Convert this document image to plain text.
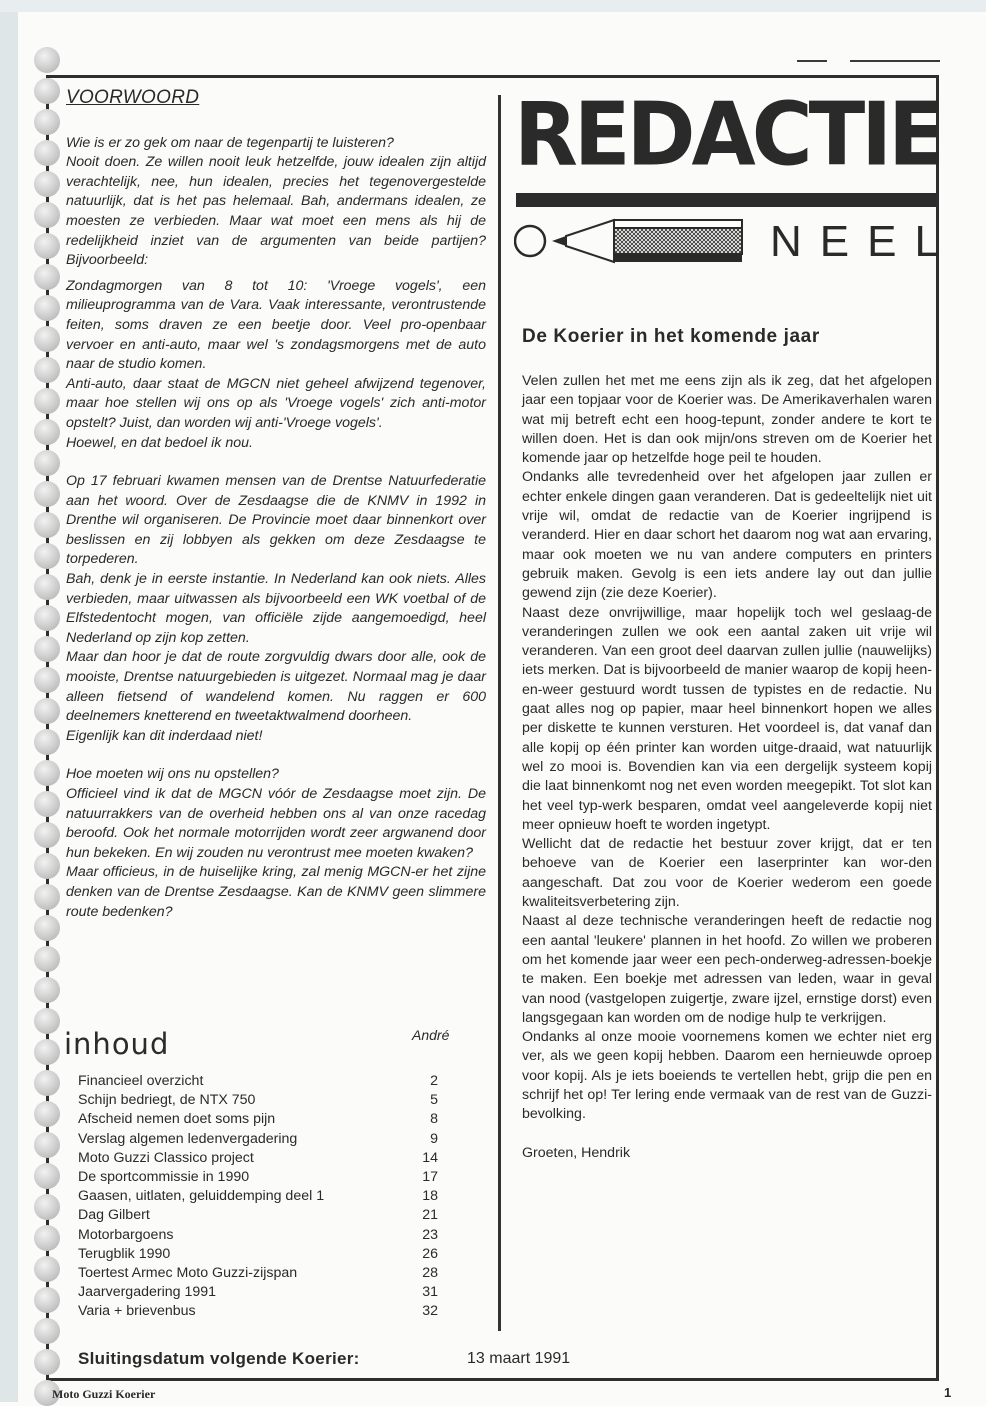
VOORWOORD

Wie is er zo gek om naar de tegenpartij te luisteren?

Nooit doen. Ze willen nooit leuk hetzelfde, jouw idealen zijn altijd verachtelijk, nee, hun idealen, precies het tegenovergestelde natuurlijk, dat is het pas helemaal. Bah, andermans idealen, ze moesten ze verbieden. Maar wat moet een mens als hij de redelijkheid inziet van de argumenten van beide partijen? Bijvoorbeeld:

Zondagmorgen van 8 tot 10: 'Vroege vogels', een milieuprogramma van de Vara. Vaak interessante, verontrustende feiten, soms draven ze een beetje door. Veel pro-openbaar vervoer en anti-auto, maar wel 's zondagsmorgens met de auto naar de studio komen.

Anti-auto, daar staat de MGCN niet geheel afwijzend tegenover, maar hoe stellen wij ons op als 'Vroege vogels' zich anti-motor opstelt? Juist, dan worden wij anti-'Vroege vogels'.

Hoewel, en dat bedoel ik nou.

Op 17 februari kwamen mensen van de Drentse Natuurfederatie aan het woord. Over de Zesdaagse die de KNMV in 1992 in Drenthe wil organiseren. De Provincie moet daar binnenkort over beslissen en zij lobbyen als gekken om deze Zesdaagse te torpederen.

Bah, denk je in eerste instantie. In Nederland kan ook niets. Alles verbieden, maar uitwassen als bijvoorbeeld een WK voetbal of de Elfstedentocht mogen, van officiële zijde aangemoedigd, heel Nederland op zijn kop zetten.

Maar dan hoor je dat de route zorgvuldig dwars door alle, ook de mooiste, Drentse natuurgebieden is uitgezet. Normaal mag je daar alleen fietsend of wandelend komen. Nu raggen er 600 deelnemers knetterend en tweetaktwalmend doorheen.

Eigenlijk kan dit inderdaad niet!

Hoe moeten wij ons nu opstellen?

Officieel vind ik dat de MGCN vóór de Zesdaagse moet zijn. De natuurrakkers van de overheid hebben ons al van onze racedag beroofd. Ook het normale motorrijden wordt zeer argwanend door hun bekeken. En wij zouden nu verontrust mee moeten kwaken?

Maar officieus, in de huiselijke kring, zal menig MGCN-er het zijne denken van de Drentse Zesdaagse. Kan de KNMV geen slimmere route bedenken?

André
inhoud
Financieel overzicht	2
Schijn bedriegt, de NTX 750	5
Afscheid nemen doet soms pijn	8
Verslag algemen ledenvergadering	9
Moto Guzzi Classico project	14
De sportcommissie in 1990	17
Gaasen, uitlaten, geluiddemping deel 1	18
Dag Gilbert	21
Motorbargoens	23
Terugblik 1990	26
Toertest Armec Moto Guzzi-zijspan	28
Jaarvergadering 1991	31
Varia + brievenbus	32
REDACTIE
NEEL
De Koerier in het komende jaar

Velen zullen het met me eens zijn als ik zeg, dat het afgelopen jaar een topjaar voor de Koerier was. De Amerikaverhalen waren wat mij betreft echt een hoog-tepunt, zonder andere te kort te willen doen. Het is dan ook mijn/ons streven om de Koerier het komende jaar op hetzelfde hoge peil te houden.

Ondanks alle tevredenheid over het afgelopen jaar zullen er echter enkele dingen gaan veranderen. Dat is gedeeltelijk niet uit vrije wil, omdat de redactie van de Koerier ingrijpend is veranderd. Hier en daar schort het daarom nog wat aan ervaring, maar ook moeten we nu van andere computers en printers gebruik maken. Gevolg is een iets andere lay out dan jullie gewend zijn (zie deze Koerier).

Naast deze onvrijwillige, maar hopelijk toch wel geslaag-de veranderingen zullen we ook een aantal zaken uit vrije wil veranderen. Van een groot deel daarvan zullen jullie (nauwelijks) iets merken. Dat is bijvoorbeeld de manier waarop de kopij heen-en-weer gestuurd wordt tussen de typistes en de redactie. Nu gaat alles nog op papier, maar heel binnenkort hopen we alles per diskette te kunnen versturen. Het voordeel is, dat vanaf dan alle kopij op één printer kan worden uitge-draaid, wat natuurlijk wel zo mooi is. Bovendien kan via een dergelijk systeem kopij die laat binnenkomt nog net even worden meegepikt. Tot slot kan het veel typ-werk besparen, omdat veel aangeleverde kopij niet meer opnieuw hoeft te worden ingetypt.

Wellicht dat de redactie het bestuur zover krijgt, dat er ten behoeve van de Koerier een laserprinter kan wor-den aangeschaft. Dat zou voor de Koerier wederom een goede kwaliteitsverbetering zijn.

Naast al deze technische veranderingen heeft de redactie nog een aantal 'leukere' plannen in het hoofd. Zo willen we proberen om het komende jaar weer een pech-onderweg-adressen-boekje te maken. Een boekje met adressen van leden, waar in geval van nood (vastgelopen zuigertje, zware ijzel, ernstige dorst) even langsgegaan kan worden om de nodige hulp te verkrijgen.

Ondanks al onze mooie voornemens komen we echter niet erg ver, als we geen kopij hebben. Daarom een hernieuwde oproep voor kopij. Als je iets boeiends te vertellen hebt, grijp die pen en schrijf het op! Ter lering ende vermaak van de rest van de Guzzi-bevolking.

Groeten, Hendrik

Sluitingsdatum volgende Koerier:	13 maart 1991
Moto Guzzi Koerier	1
